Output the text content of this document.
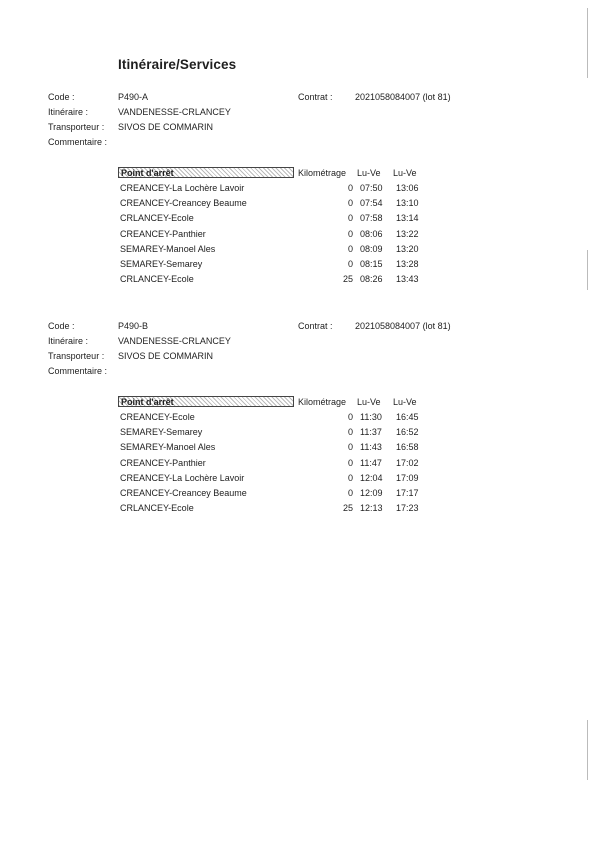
Itinéraire/Services
Code :	P490-A	Contrat : 2021058084007 (lot 81)
Itinéraire :	VANDENESSE-CRLANCEY
Transporteur : SIVOS DE COMMARIN
Commentaire :
Point d'arrêt	Kilométrage Lu-Ve Lu-Ve
CREANCEY-La Lochère Lavoir	0 07:50 13:06
CREANCEY-Creancey Beaume	0 07:54 13:10
CRLANCEY-Ecole	0 07:58 13:14
CREANCEY-Panthier	0 08:06 13:22
SEMAREY-Manoel Ales	0 08:09 13:20
SEMAREY-Semarey	0 08:15 13:28
CRLANCEY-Ecole	25 08:26 13:43
Code :	P490-B	Contrat : 2021058084007 (lot 81)
Itinéraire :	VANDENESSE-CRLANCEY
Transporteur : SIVOS DE COMMARIN
Commentaire :
Point d'arrêt	Kilométrage Lu-Ve Lu-Ve
CREANCEY-Ecole	0 11:30 16:45
SEMAREY-Semarey	0 11:37 16:52
SEMAREY-Manoel Ales	0 11:43 16:58
CREANCEY-Panthier	0 11:47 17:02
CREANCEY-La Lochère Lavoir	0 12:04 17:09
CREANCEY-Creancey Beaume	0 12:09 17:17
CRLANCEY-Ecole	25 12:13 17:23
